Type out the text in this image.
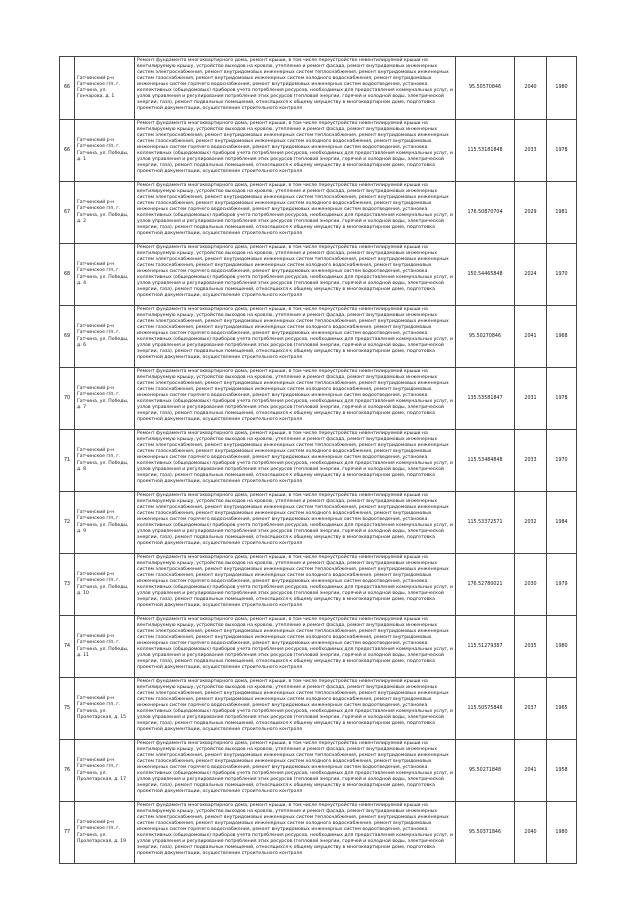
66	Гатчинский р-н Гатчинское г/п, г. Гатчина, ул. Гончарова, д. 1	Ремонт фундамента многоквартирного дома, ремонт крыши, в том числе переустройство невентилируемой крыши на вентилируемую крышу, устройство выходов на кровлю, утепление и ремонт фасада, ремонт внутридомовых инженерных систем электроснабжения, ремонт внутридомовых инженерных систем теплоснабжения, ремонт внутридомовых инженерных систем газоснабжения, ремонт внутридомовых инженерных систем холодного водоснабжения, ремонт внутридомовых инженерных систем горячего водоснабжения, ремонт внутридомовых инженерных систем водоотведения, установка коллективных (общедомовых) приборов учета потребления ресурсов, необходимых для предоставления коммунальных услуг, и узлов управления и регулирования потребления этих ресурсов (тепловой энергии, горячей и холодной воды, электрической энергии, газа), ремонт подвальных помещений, относящихся к общему имуществу в многоквартирном доме, подготовка проектной документации, осуществление строительного контроля	95.50570846	2040	1980
66	Гатчинский р-н Гатчинское г/п, г. Гатчина, ул. Победы, д. 1	Ремонт фундамента многоквартирного дома, ремонт крыши, в том числе переустройство невентилируемой крыши на вентилируемую крышу, устройство выходов на кровлю, утепление и ремонт фасада, ремонт внутридомовых инженерных систем электроснабжения, ремонт внутридомовых инженерных систем теплоснабжения, ремонт внутридомовых инженерных систем газоснабжения, ремонт внутридомовых инженерных систем холодного водоснабжения, ремонт внутридомовых инженерных систем горячего водоснабжения, ремонт внутридомовых инженерных систем водоотведения, установка коллективных (общедомовых) приборов учета потребления ресурсов, необходимых для предоставления коммунальных услуг, и узлов управления и регулирования потребления этих ресурсов (тепловой энергии, горячей и холодной воды, электрической энергии, газа), ремонт подвальных помещений, относящихся к общему имуществу в многоквартирном доме, подготовка проектной документации, осуществление строительного контроля	115.53181848	2033	1978
67	Гатчинский р-н Гатчинское г/п, г. Гатчина, ул. Победы, д. 2	Ремонт фундамента многоквартирного дома, ремонт крыши, в том числе переустройство невентилируемой крыши на вентилируемую крышу, устройство выходов на кровлю, утепление и ремонт фасада, ремонт внутридомовых инженерных систем электроснабжения, ремонт внутридомовых инженерных систем теплоснабжения, ремонт внутридомовых инженерных систем газоснабжения, ремонт внутридомовых инженерных систем холодного водоснабжения, ремонт внутридомовых инженерных систем горячего водоснабжения, ремонт внутридомовых инженерных систем водоотведения, установка коллективных (общедомовых) приборов учета потребления ресурсов, необходимых для предоставления коммунальных услуг, и узлов управления и регулирования потребления этих ресурсов (тепловой энергии, горячей и холодной воды, электрической энергии, газа), ремонт подвальных помещений, относящихся к общему имуществу в многоквартирном доме, подготовка проектной документации, осуществление строительного контроля	176.50870704	2029	1981
68	Гатчинский р-н Гатчинское г/п, г. Гатчина, ул. Победы, д. 4	Ремонт фундамента многоквартирного дома, ремонт крыши, в том числе переустройство невентилируемой крыши на вентилируемую крышу, устройство выходов на кровлю, утепление и ремонт фасада, ремонт внутридомовых инженерных систем электроснабжения, ремонт внутридомовых инженерных систем теплоснабжения, ремонт внутридомовых инженерных систем газоснабжения, ремонт внутридомовых инженерных систем холодного водоснабжения, ремонт внутридомовых инженерных систем горячего водоснабжения, ремонт внутридомовых инженерных систем водоотведения, установка коллективных (общедомовых) приборов учета потребления ресурсов, необходимых для предоставления коммунальных услуг, и узлов управления и регулирования потребления этих ресурсов (тепловой энергии, горячей и холодной воды, электрической энергии, газа), ремонт подвальных помещений, относящихся к общему имуществу в многоквартирном доме, подготовка проектной документации, осуществление строительного контроля	150.54465848	2024	1970
69	Гатчинский р-н Гатчинское г/п, г. Гатчина, ул. Победы, д. 6	Ремонт фундамента многоквартирного дома, ремонт крыши, в том числе переустройство невентилируемой крыши на вентилируемую крышу, устройство выходов на кровлю, утепление и ремонт фасада, ремонт внутридомовых инженерных систем электроснабжения, ремонт внутридомовых инженерных систем теплоснабжения, ремонт внутридомовых инженерных систем газоснабжения, ремонт внутридомовых инженерных систем холодного водоснабжения, ремонт внутридомовых инженерных систем горячего водоснабжения, ремонт внутридомовых инженерных систем водоотведения, установка коллективных (общедомовых) приборов учета потребления ресурсов, необходимых для предоставления коммунальных услуг, и узлов управления и регулирования потребления этих ресурсов (тепловой энергии, горячей и холодной воды, электрической энергии, газа), ремонт подвальных помещений, относящихся к общему имуществу в многоквартирном доме, подготовка проектной документации, осуществление строительного контроля	95.50270846	2041	1968
70	Гатчинский р-н Гатчинское г/п, г. Гатчина, ул. Победы, д. 7	Ремонт фундамента многоквартирного дома, ремонт крыши, в том числе переустройство невентилируемой крыши на вентилируемую крышу, устройство выходов на кровлю, утепление и ремонт фасада, ремонт внутридомовых инженерных систем электроснабжения, ремонт внутридомовых инженерных систем теплоснабжения, ремонт внутридомовых инженерных систем газоснабжения, ремонт внутридомовых инженерных систем холодного водоснабжения, ремонт внутридомовых инженерных систем горячего водоснабжения, ремонт внутридомовых инженерных систем водоотведения, установка коллективных (общедомовых) приборов учета потребления ресурсов, необходимых для предоставления коммунальных услуг, и узлов управления и регулирования потребления этих ресурсов (тепловой энергии, горячей и холодной воды, электрической энергии, газа), ремонт подвальных помещений, относящихся к общему имуществу в многоквартирном доме, подготовка проектной документации, осуществление строительного контроля	135.53581847	2031	1978
71	Гатчинский р-н Гатчинское г/п, г. Гатчина, ул. Победы, д. 8	Ремонт фундамента многоквартирного дома, ремонт крыши, в том числе переустройство невентилируемой крыши на вентилируемую крышу, устройство выходов на кровлю, утепление и ремонт фасада, ремонт внутридомовых инженерных систем электроснабжения, ремонт внутридомовых инженерных систем теплоснабжения, ремонт внутридомовых инженерных систем газоснабжения, ремонт внутридомовых инженерных систем холодного водоснабжения, ремонт внутридомовых инженерных систем горячего водоснабжения, ремонт внутридомовых инженерных систем водоотведения, установка коллективных (общедомовых) приборов учета потребления ресурсов, необходимых для предоставления коммунальных услуг, и узлов управления и регулирования потребления этих ресурсов (тепловой энергии, горячей и холодной воды, электрической энергии, газа), ремонт подвальных помещений, относящихся к общему имуществу в многоквартирном доме, подготовка проектной документации, осуществление строительного контроля	115.53484848	2033	1970
72	Гатчинский р-н Гатчинское г/п, г. Гатчина, ул. Победы, д. 9	Ремонт фундамента многоквартирного дома, ремонт крыши, в том числе переустройство невентилируемой крыши на вентилируемую крышу, устройство выходов на кровлю, утепление и ремонт фасада, ремонт внутридомовых инженерных систем электроснабжения, ремонт внутридомовых инженерных систем теплоснабжения, ремонт внутридомовых инженерных систем газоснабжения, ремонт внутридомовых инженерных систем холодного водоснабжения, ремонт внутридомовых инженерных систем горячего водоснабжения, ремонт внутридомовых инженерных систем водоотведения, установка коллективных (общедомовых) приборов учета потребления ресурсов, необходимых для предоставления коммунальных услуг, и узлов управления и регулирования потребления этих ресурсов (тепловой энергии, горячей и холодной воды, электрической энергии, газа), ремонт подвальных помещений, относящихся к общему имуществу в многоквартирном доме, подготовка проектной документации, осуществление строительного контроля	115.53372571	2032	1984
73	Гатчинский р-н Гатчинское г/п, г. Гатчина, ул. Победы, д. 10	Ремонт фундамента многоквартирного дома, ремонт крыши, в том числе переустройство невентилируемой крыши на вентилируемую крышу, устройство выходов на кровлю, утепление и ремонт фасада, ремонт внутридомовых инженерных систем электроснабжения, ремонт внутридомовых инженерных систем теплоснабжения, ремонт внутридомовых инженерных систем газоснабжения, ремонт внутридомовых инженерных систем холодного водоснабжения, ремонт внутридомовых инженерных систем горячего водоснабжения, ремонт внутридомовых инженерных систем водоотведения, установка коллективных (общедомовых) приборов учета потребления ресурсов, необходимых для предоставления коммунальных услуг, и узлов управления и регулирования потребления этих ресурсов (тепловой энергии, горячей и холодной воды, электрической энергии, газа), ремонт подвальных помещений, относящихся к общему имуществу в многоквартирном доме, подготовка проектной документации, осуществление строительного контроля	176.52780021	2030	1979
74	Гатчинский р-н Гатчинское г/п, г. Гатчина, ул. Победы, д. 11	Ремонт фундамента многоквартирного дома, ремонт крыши, в том числе переустройство невентилируемой крыши на вентилируемую крышу, устройство выходов на кровлю, утепление и ремонт фасада, ремонт внутридомовых инженерных систем электроснабжения, ремонт внутридомовых инженерных систем теплоснабжения, ремонт внутридомовых инженерных систем газоснабжения, ремонт внутридомовых инженерных систем холодного водоснабжения, ремонт внутридомовых инженерных систем горячего водоснабжения, ремонт внутридомовых инженерных систем водоотведения, установка коллективных (общедомовых) приборов учета потребления ресурсов, необходимых для предоставления коммунальных услуг, и узлов управления и регулирования потребления этих ресурсов (тепловой энергии, горячей и холодной воды, электрической энергии, газа), ремонт подвальных помещений, относящихся к общему имуществу в многоквартирном доме, подготовка проектной документации, осуществление строительного контроля	115.51279387	2035	1980
75	Гатчинский р-н Гатчинское г/п, г. Гатчина, ул. Пролетарская, д. 15	Ремонт фундамента многоквартирного дома, ремонт крыши, в том числе переустройство невентилируемой крыши на вентилируемую крышу, устройство выходов на кровлю, утепление и ремонт фасада, ремонт внутридомовых инженерных систем электроснабжения, ремонт внутридомовых инженерных систем теплоснабжения, ремонт внутридомовых инженерных систем газоснабжения, ремонт внутридомовых инженерных систем холодного водоснабжения, ремонт внутридомовых инженерных систем горячего водоснабжения, ремонт внутридомовых инженерных систем водоотведения, установка коллективных (общедомовых) приборов учета потребления ресурсов, необходимых для предоставления коммунальных услуг, и узлов управления и регулирования потребления этих ресурсов (тепловой энергии, горячей и холодной воды, электрической энергии, газа), ремонт подвальных помещений, относящихся к общему имуществу в многоквартирном доме, подготовка проектной документации, осуществление строительного контроля	115.50575846	2037	1965
76	Гатчинский р-н Гатчинское г/п, г. Гатчина, ул. Пролетарская, д. 17	Ремонт фундамента многоквартирного дома, ремонт крыши, в том числе переустройство невентилируемой крыши на вентилируемую крышу, устройство выходов на кровлю, утепление и ремонт фасада, ремонт внутридомовых инженерных систем электроснабжения, ремонт внутридомовых инженерных систем теплоснабжения, ремонт внутридомовых инженерных систем газоснабжения, ремонт внутридомовых инженерных систем холодного водоснабжения, ремонт внутридомовых инженерных систем горячего водоснабжения, ремонт внутридомовых инженерных систем водоотведения, установка коллективных (общедомовых) приборов учета потребления ресурсов, необходимых для предоставления коммунальных услуг, и узлов управления и регулирования потребления этих ресурсов (тепловой энергии, горячей и холодной воды, электрической энергии, газа), ремонт подвальных помещений, относящихся к общему имуществу в многоквартирном доме, подготовка проектной документации, осуществление строительного контроля	95.50271848	2041	1958
77	Гатчинский р-н Гатчинское г/п, г. Гатчина, ул. Пролетарская, д. 19	Ремонт фундамента многоквартирного дома, ремонт крыши, в том числе переустройство невентилируемой крыши на вентилируемую крышу, устройство выходов на кровлю, утепление и ремонт фасада, ремонт внутридомовых инженерных систем электроснабжения, ремонт внутридомовых инженерных систем теплоснабжения, ремонт внутридомовых инженерных систем газоснабжения, ремонт внутридомовых инженерных систем холодного водоснабжения, ремонт внутридомовых инженерных систем горячего водоснабжения, ремонт внутридомовых инженерных систем водоотведения, установка коллективных (общедомовых) приборов учета потребления ресурсов, необходимых для предоставления коммунальных услуг, и узлов управления и регулирования потребления этих ресурсов (тепловой энергии, горячей и холодной воды, электрической энергии, газа), ремонт подвальных помещений, относящихся к общему имуществу в многоквартирном доме, подготовка проектной документации, осуществление строительного контроля	95.50371846	2040	1980
